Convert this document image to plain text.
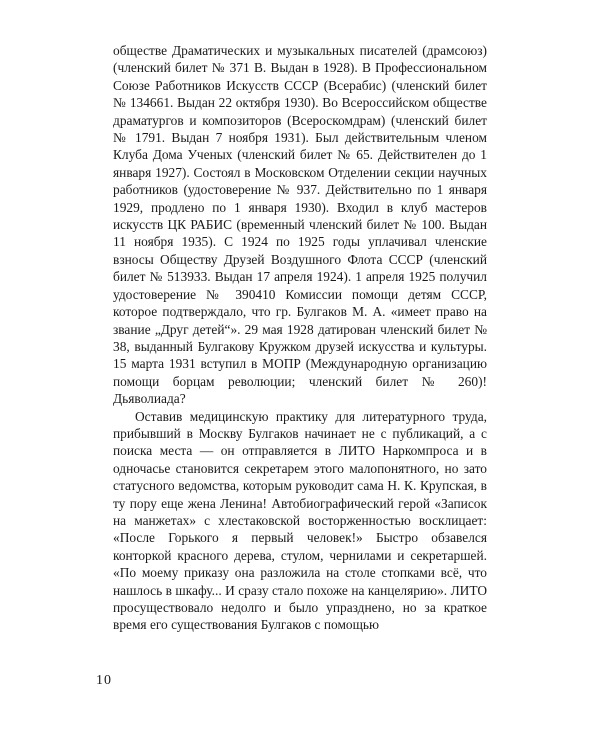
обществе Драматических и музыкальных писателей (драмсоюз) (членский билет № 371 В. Выдан в 1928). В Профессиональном Союзе Работников Искусств СССР (Всерабис) (членский билет № 134661. Выдан 22 октября 1930). Во Всероссийском обществе драматургов и композиторов (Всероскомдрам) (членский билет № 1791. Выдан 7 ноября 1931). Был действительным членом Клуба Дома Ученых (членский билет № 65. Действителен до 1 января 1927). Состоял в Московском Отделении секции научных работников (удостоверение № 937. Действительно по 1 января 1929, продлено по 1 января 1930). Входил в клуб мастеров искусств ЦК РАБИС (временный членский билет № 100. Выдан 11 ноября 1935). С 1924 по 1925 годы уплачивал членские взносы Обществу Друзей Воздушного Флота СССР (членский билет № 513933. Выдан 17 апреля 1924). 1 апреля 1925 получил удостоверение № 390410 Комиссии помощи детям СССР, которое подтверждало, что гр. Булгаков М. А. «имеет право на звание „Друг детей“». 29 мая 1928 датирован членский билет № 38, выданный Булгакову Кружком друзей искусства и культуры. 15 марта 1931 вступил в МОПР (Международную организацию помощи борцам революции; членский билет № 260)! Дьяволиада?

Оставив медицинскую практику для литературного труда, прибывший в Москву Булгаков начинает не с публикаций, а с поиска места — он отправляется в ЛИТО Наркомпроса и в одночасье становится секретарем этого малопонятного, но зато статусного ведомства, которым руководит сама Н. К. Крупская, в ту пору еще жена Ленина! Автобиографический герой «Записок на манжетах» с хлестаковской восторженностью восклицает: «После Горького я первый человек!» Быстро обзавелся конторкой красного дерева, стулом, чернилами и секретаршей. «По моему приказу она разложила на столе стопками всё, что нашлось в шкафу... И сразу стало похоже на канцелярию». ЛИТО просуществовало недолго и было упразднено, но за краткое время его существования Булгаков с помощью

10
